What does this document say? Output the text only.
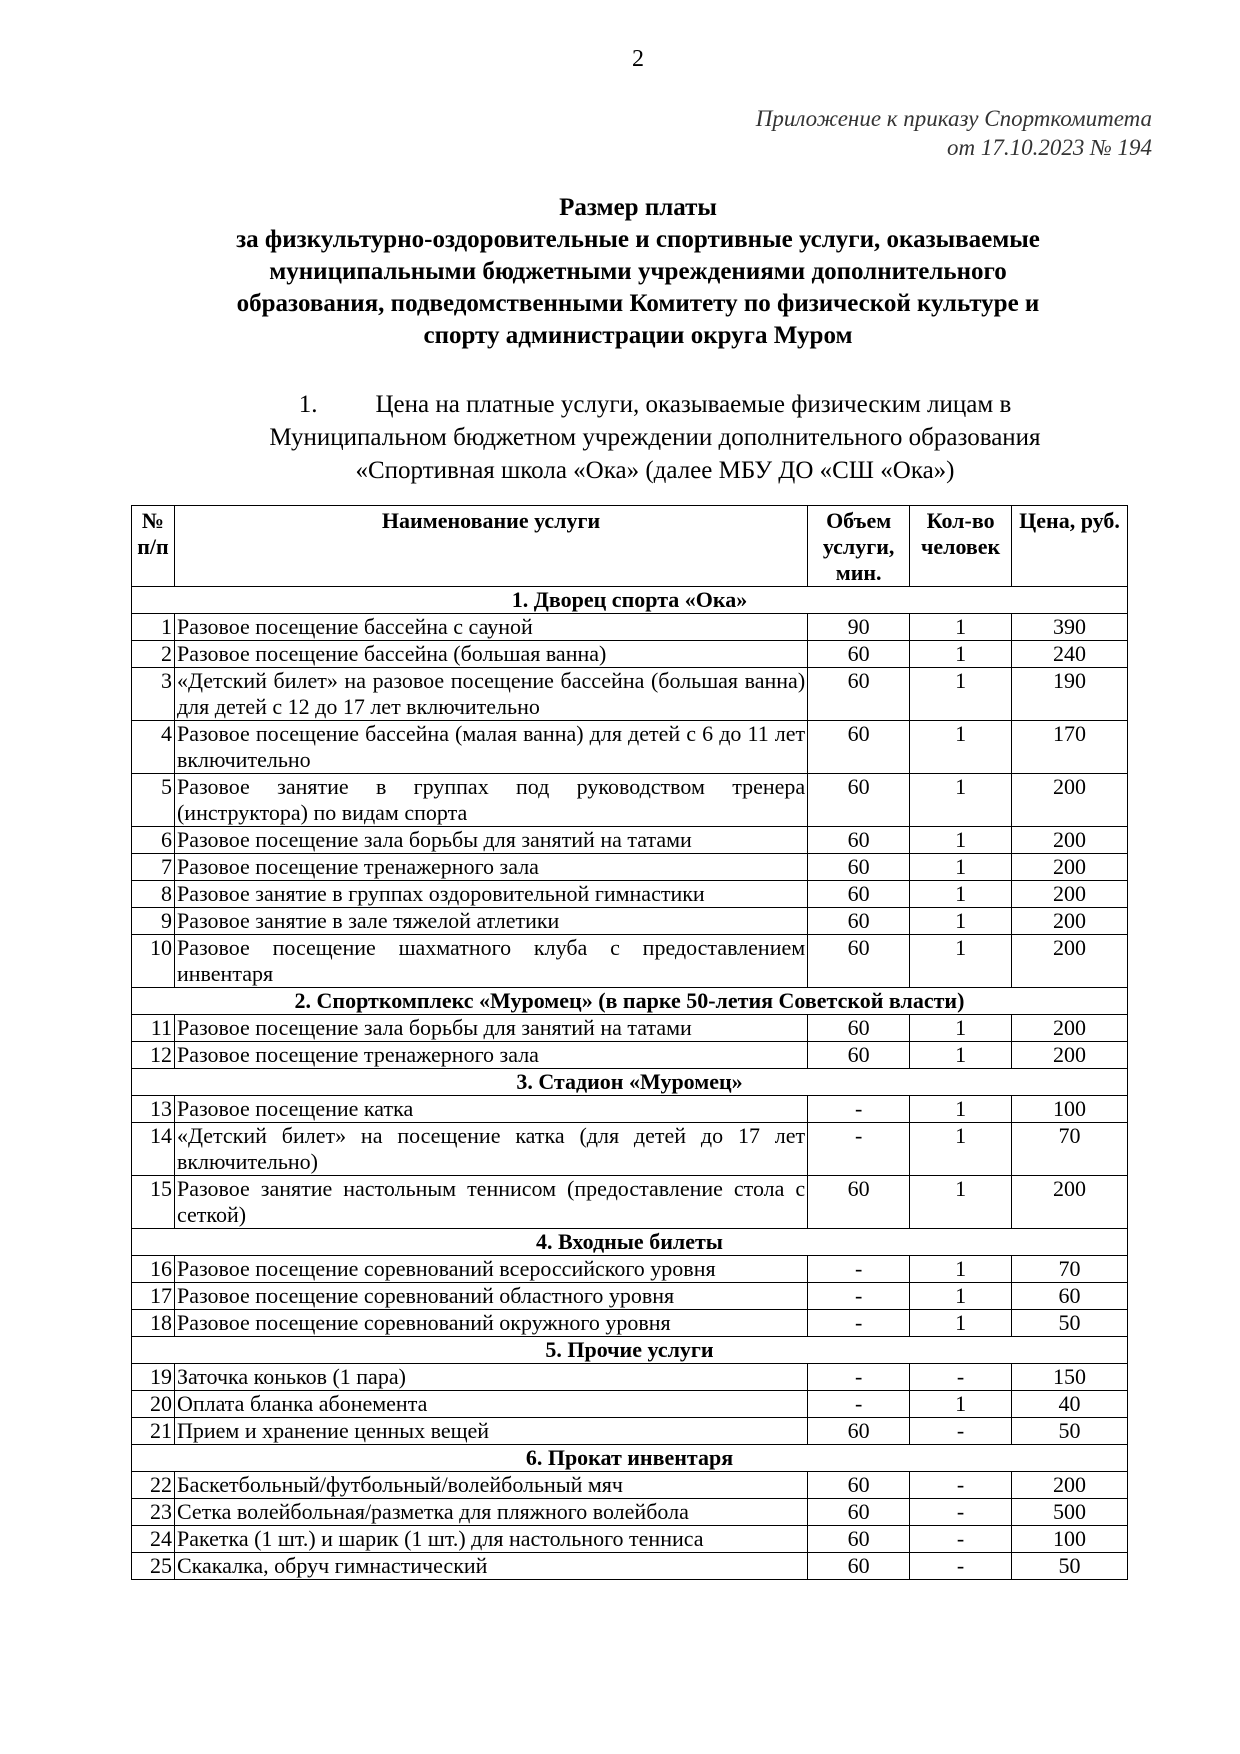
2
Приложение к приказу Спорткомитета
от 17.10.2023 № 194
Размер платы
за физкультурно-оздоровительные и спортивные услуги, оказываемые
муниципальными бюджетными учреждениями дополнительного
образования, подведомственными Комитету по физической культуре и
спорту администрации округа Муром
1. Цена на платные услуги, оказываемые физическим лицам в
Муниципальном бюджетном учреждении дополнительного образования
«Спортивная школа «Ока» (далее МБУ ДО «СШ «Ока»)
№ п/п	Наименование услуги	Объем услуги, мин.	Кол-во человек	Цена, руб.
1. Дворец спорта «Ока»				
1	Разовое посещение бассейна с сауной	90	1	390
2	Разовое посещение бассейна (большая ванна)	60	1	240
3	«Детский билет» на разовое посещение бассейна (большая ванна) для детей с 12 до 17 лет включительно	60	1	190
4	Разовое посещение бассейна (малая ванна) для детей с 6 до 11 лет включительно	60	1	170
5	Разовое занятие в группах под руководством тренера (инструктора) по видам спорта	60	1	200
6	Разовое посещение зала борьбы для занятий на татами	60	1	200
7	Разовое посещение тренажерного зала	60	1	200
8	Разовое занятие в группах оздоровительной гимнастики	60	1	200
9	Разовое занятие в зале тяжелой атлетики	60	1	200
10	Разовое посещение шахматного клуба с предоставлением инвентаря	60	1	200
2. Спорткомплекс «Муромец» (в парке 50-летия Советской власти)				
11	Разовое посещение зала борьбы для занятий на татами	60	1	200
12	Разовое посещение тренажерного зала	60	1	200
3. Стадион «Муромец»				
13	Разовое посещение катка	-	1	100
14	«Детский билет» на посещение катка (для детей до 17 лет включительно)	-	1	70
15	Разовое занятие настольным теннисом (предоставление стола с сеткой)	60	1	200
4. Входные билеты				
16	Разовое посещение соревнований всероссийского уровня	-	1	70
17	Разовое посещение соревнований областного уровня	-	1	60
18	Разовое посещение соревнований окружного уровня	-	1	50
5. Прочие услуги				
19	Заточка коньков (1 пара)	-	-	150
20	Оплата бланка абонемента	-	1	40
21	Прием и хранение ценных вещей	60	-	50
6. Прокат инвентаря				
22	Баскетбольный/футбольный/волейбольный мяч	60	-	200
23	Сетка волейбольная/разметка для пляжного волейбола	60	-	500
24	Ракетка (1 шт.) и шарик (1 шт.) для настольного тенниса	60	-	100
25	Скакалка, обруч гимнастический	60	-	50
